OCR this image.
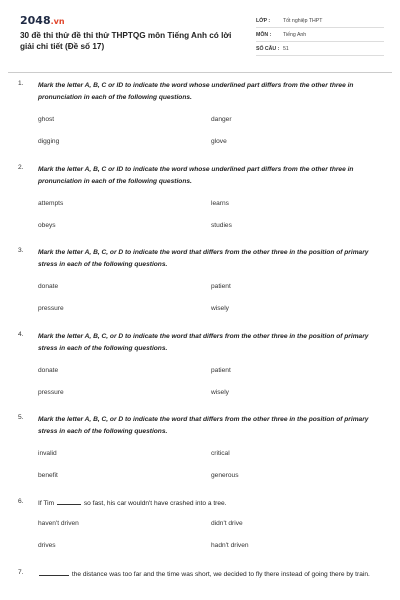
2048.vn
30 đề thi thử đề thi thử THPTQG môn Tiếng Anh có lời giải chi tiết (Đề số 17)
LỚP :	Tốt nghiệp THPT
MÔN :	Tiếng Anh
SỐ CÂU : 51
1. Mark the letter A, B, C or ID to indicate the word whose underlined part differs from the other three in pronunciation in each of the following questions.
ghost	danger
digging	glove
2. Mark the letter A, B, C or ID to indicate the word whose underlined part differs from the other three in pronunciation in each of the following questions.
attempts	learns
obeys	studies
3. Mark the letter A, B, C, or D to indicate the word that differs from the other three in the position of primary stress in each of the following questions.
donate	patient
pressure	wisely
4. Mark the letter A, B, C, or D to indicate the word that differs from the other three in the position of primary stress in each of the following questions.
donate	patient
pressure	wisely
5. Mark the letter A, B, C, or D to indicate the word that differs from the other three in the position of primary stress in each of the following questions.
invalid	critical
benefit	generous
6. If Tim	so fast, his car wouldn't have crashed into a tree.
haven't driven	didn't drive
drives	hadn't driven
7.	the distance was too far and the time was short, we decided to fly there instead of going there by train.
